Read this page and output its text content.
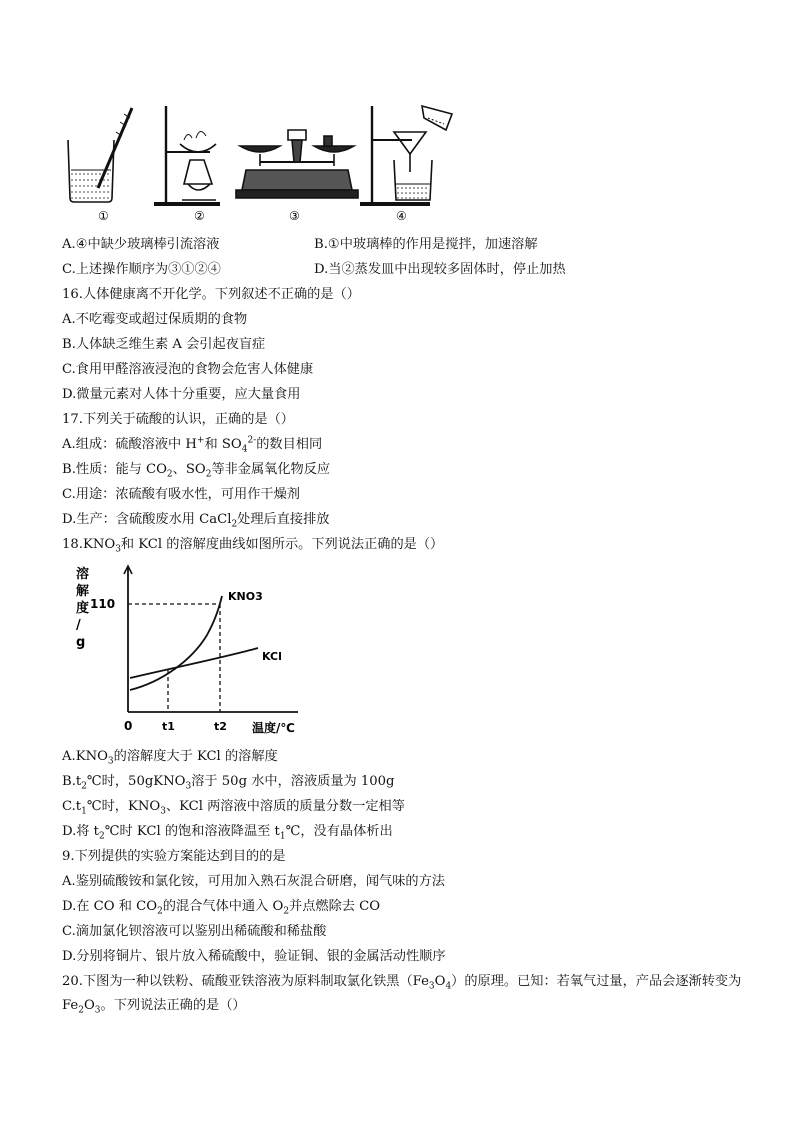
①	②	③	④
A.④中缺少玻璃棒引流溶液	B.①中玻璃棒的作用是搅拌，加速溶解
C.上述操作顺序为③①②④	D.当②蒸发皿中出现较多固体时，停止加热
16.人体健康离不开化学。下列叙述不正确的是（）
A.不吃霉变或超过保质期的食物
B.人体缺乏维生素 A 会引起夜盲症
C.食用甲醛溶液浸泡的食物会危害人体健康
D.微量元素对人体十分重要，应大量食用
17.下列关于硫酸的认识，正确的是（）
A.组成：硫酸溶液中 H+和 $SO_4^{2-}$的数目相同
B.性质：能与 $CO_2$、$SO_2$等非金属氧化物反应
C.用途：浓硫酸有吸水性，可用作干燥剂
D.生产：含硫酸废水用 CaCl$_2$处理后直接排放
$18.KNO_3$和 KCl 的溶解度曲线如图所示。下列说法正确的是（）
溶解度/ g
110
KNO3
KCl
0	t1	t2 温度/℃
$A.KNO_3$的溶解度大于 KCl 的溶解度
$B.t_2℃$时，50gKNO$_3$溶于 50g 水中，溶液质量为 100g
$C.t_1℃$时，$KNO_3$、KCl 两溶液中溶质的质量分数一定相等
D.将 $t_2℃$时 KCl 的饱和溶液降温至 $t_1℃$，没有晶体析出
9.下列提供的实验方案能达到目的的是
A.鉴别硫酸铵和氯化铵，可用加入熟石灰混合研磨，闻气味的方法
D.在 CO 和 $CO_2$的混合气体中通入 $O_2$并点燃除去 CO
C.滴加氯化钡溶液可以鉴别出稀硫酸和稀盐酸
D.分别将铜片、银片放入稀硫酸中，验证铜、银的金属活动性顺序
20.下图为一种以铁粉、硫酸亚铁溶液为原料制取氯化铁黑$(Fe_3O_4)$的原理。已知：若氧气过量，产品会逐渐转变为 $Fe_2O_3$。下列说法正确的是（）
